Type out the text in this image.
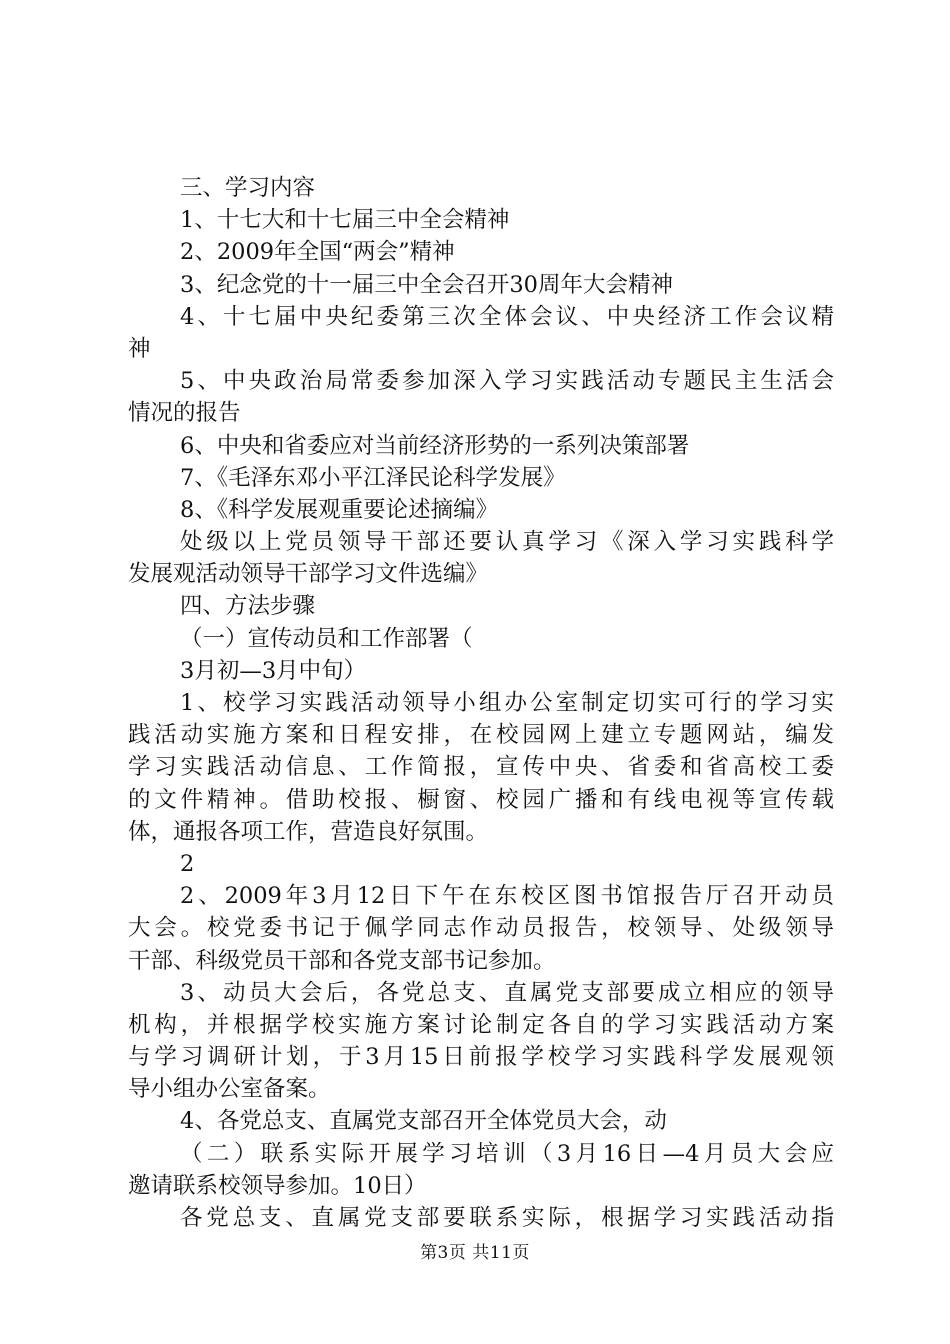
三、学习内容
1、十七大和十七届三中全会精神
2、2009年全国“两会”精神
3、纪念党的十一届三中全会召开30周年大会精神
4、十七届中央纪委第三次全体会议、中央经济工作会议精
神
5、中央政治局常委参加深入学习实践活动专题民主生活会
情况的报告
6、中央和省委应对当前经济形势的一系列决策部署
7、《毛泽东邓小平江泽民论科学发展》
8、《科学发展观重要论述摘编》
处级以上党员领导干部还要认真学习《深入学习实践科学
发展观活动领导干部学习文件选编》
四、方法步骤
（一）宣传动员和工作部署（
3月初—3月中旬）
1、校学习实践活动领导小组办公室制定切实可行的学习实
践活动实施方案和日程安排，在校园网上建立专题网站，编发
学习实践活动信息、工作简报，宣传中央、省委和省高校工委
的文件精神。借助校报、橱窗、校园广播和有线电视等宣传载
体，通报各项工作，营造良好氛围。
2
2、2009年3月12日下午在东校区图书馆报告厅召开动员
大会。校党委书记于佩学同志作动员报告，校领导、处级领导
干部、科级党员干部和各党支部书记参加。
3、动员大会后，各党总支、直属党支部要成立相应的领导
机构，并根据学校实施方案讨论制定各自的学习实践活动方案
与学习调研计划，于3月15日前报学校学习实践科学发展观领
导小组办公室备案。
4、各党总支、直属党支部召开全体党员大会，动
（二）联系实际开展学习培训（3月16日—4月员大会应
邀请联系校领导参加。10日）
各党总支、直属党支部要联系实际，根据学习实践活动指
第3页 共11页
